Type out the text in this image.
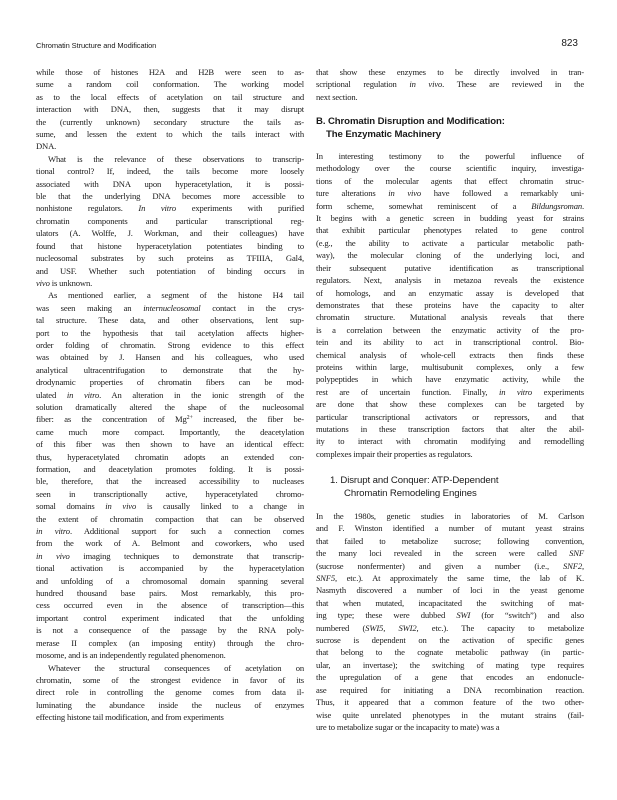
Chromatin Structure and Modification	823

while those of histones H2A and H2B were seen to as-
sume a random coil conformation. The working model
as to the local effects of acetylation on tail structure and
interaction with DNA, then, suggests that it may disrupt
the (currently unknown) secondary structure the tails as-
sume, and lessen the extent to which the tails interact with
DNA.

What is the relevance of these observations to transcrip-
tional control? If, indeed, the tails become more loosely
associated with DNA upon hyperacetylation, it is possi-
ble that the underlying DNA becomes more accessible to
nonhistone regulators. In vitro experiments with purified
chromatin components and particular transcriptional reg-
ulators (A. Wolffe, J. Workman, and their colleagues) have
found that histone hyperacetylation potentiates binding to
nucleosomal substrates by such proteins as TFIIIA, Gal4,
and USF. Whether such potentiation of binding occurs in
vivo is unknown.

As mentioned earlier, a segment of the histone H4 tail
was seen making an internucleosomal contact in the crys-
tal structure. These data, and other observations, lent sup-
port to the hypothesis that tail acetylation affects higher-
order folding of chromatin. Strong evidence to this effect
was obtained by J. Hansen and his colleagues, who used
analytical ultracentrifugation to demonstrate that the hy-
drodynamic properties of chromatin fibers can be mod-
ulated in vitro. An alteration in the ionic strength of the
solution dramatically altered the shape of the nucleosomal
fiber: as the concentration of $Mg^{2+}$ increased, the fiber be-
came much more compact. Importantly, the deacetylation
of this fiber was then shown to have an identical effect:
thus, hyperacetylated chromatin adopts an extended con-
formation, and deacetylation promotes folding. It is possi-
ble, therefore, that the increased accessibility to nucleases
seen in transcriptionally active, hyperacetylated chromo-
somal domains in vivo is causally linked to a change in
the extent of chromatin compaction that can be observed
in vitro. Additional support for such a connection comes
from the work of A. Belmont and coworkers, who used
in vivo imaging techniques to demonstrate that transcrip-
tional activation is accompanied by the hyperacetylation
and unfolding of a chromosomal domain spanning several
hundred thousand base pairs. Most remarkably, this pro-
cess occurred even in the absence of transcription—this
important control experiment indicated that the unfolding
is not a consequence of the passage by the RNA poly-
merase II complex (an imposing entity) through the chro-
mosome, and is an independently regulated phenomenon.

Whatever the structural consequences of acetylation on
chromatin, some of the strongest evidence in favor of its
direct role in controlling the genome comes from data il-
luminating the abundance inside the nucleus of enzymes
effecting histone tail modification, and from experiments

that show these enzymes to be directly involved in tran-
scriptional regulation in vivo. These are reviewed in the
next section.

B. Chromatin Disruption and Modification:
The Enzymatic Machinery

In interesting testimony to the powerful influence of
methodology over the course scientific inquiry, investiga-
tions of the molecular agents that effect chromatin struc-
ture alterations in vivo have followed a remarkably uni-
form scheme, somewhat reminiscent of a Bildungsroman.
It begins with a genetic screen in budding yeast for strains
that exhibit particular phenotypes related to gene control
(e.g., the ability to activate a particular metabolic path-
way), the molecular cloning of the underlying loci, and
their subsequent putative identification as transcriptional
regulators. Next, analysis in metazoa reveals the existence
of homologs, and an enzymatic assay is developed that
demonstrates that these proteins have the capacity to alter
chromatin structure. Mutational analysis reveals that there
is a correlation between the enzymatic activity of the pro-
tein and its ability to act in transcriptional control. Bio-
chemical analysis of whole-cell extracts then finds these
proteins within large, multisubunit complexes, only a few
polypeptides in which have enzymatic activity, while the
rest are of uncertain function. Finally, in vitro experiments
are done that show these complexes can be targeted by
particular transcriptional activators or repressors, and that
mutations in these transcription factors that alter the abil-
ity to interact with chromatin modifying and remodelling
complexes impair their properties as regulators.

1. Disrupt and Conquer: ATP-Dependent
Chromatin Remodeling Engines

In the 1980s, genetic studies in laboratories of M. Carlson
and F. Winston identified a number of mutant yeast strains
that failed to metabolize sucrose; following convention,
the many loci revealed in the screen were called SNF
(sucrose nonfermenter) and given a number (i.e., SNF2,
SNF5, etc.). At approximately the same time, the lab of K.
Nasmyth discovered a number of loci in the yeast genome
that when mutated, incapacitated the switching of mat-
ing type; these were dubbed SWI (for “switch”) and also
numbered (SWI5, SWI2, etc.). The capacity to metabolize
sucrose is dependent on the activation of specific genes
that belong to the cognate metabolic pathway (in partic-
ular, an invertase); the switching of mating type requires
the upregulation of a gene that encodes an endonucle-
ase required for initiating a DNA recombination reaction.
Thus, it appeared that a common feature of the two other-
wise quite unrelated phenotypes in the mutant strains (fail-
ure to metabolize sugar or the incapacity to mate) was a
